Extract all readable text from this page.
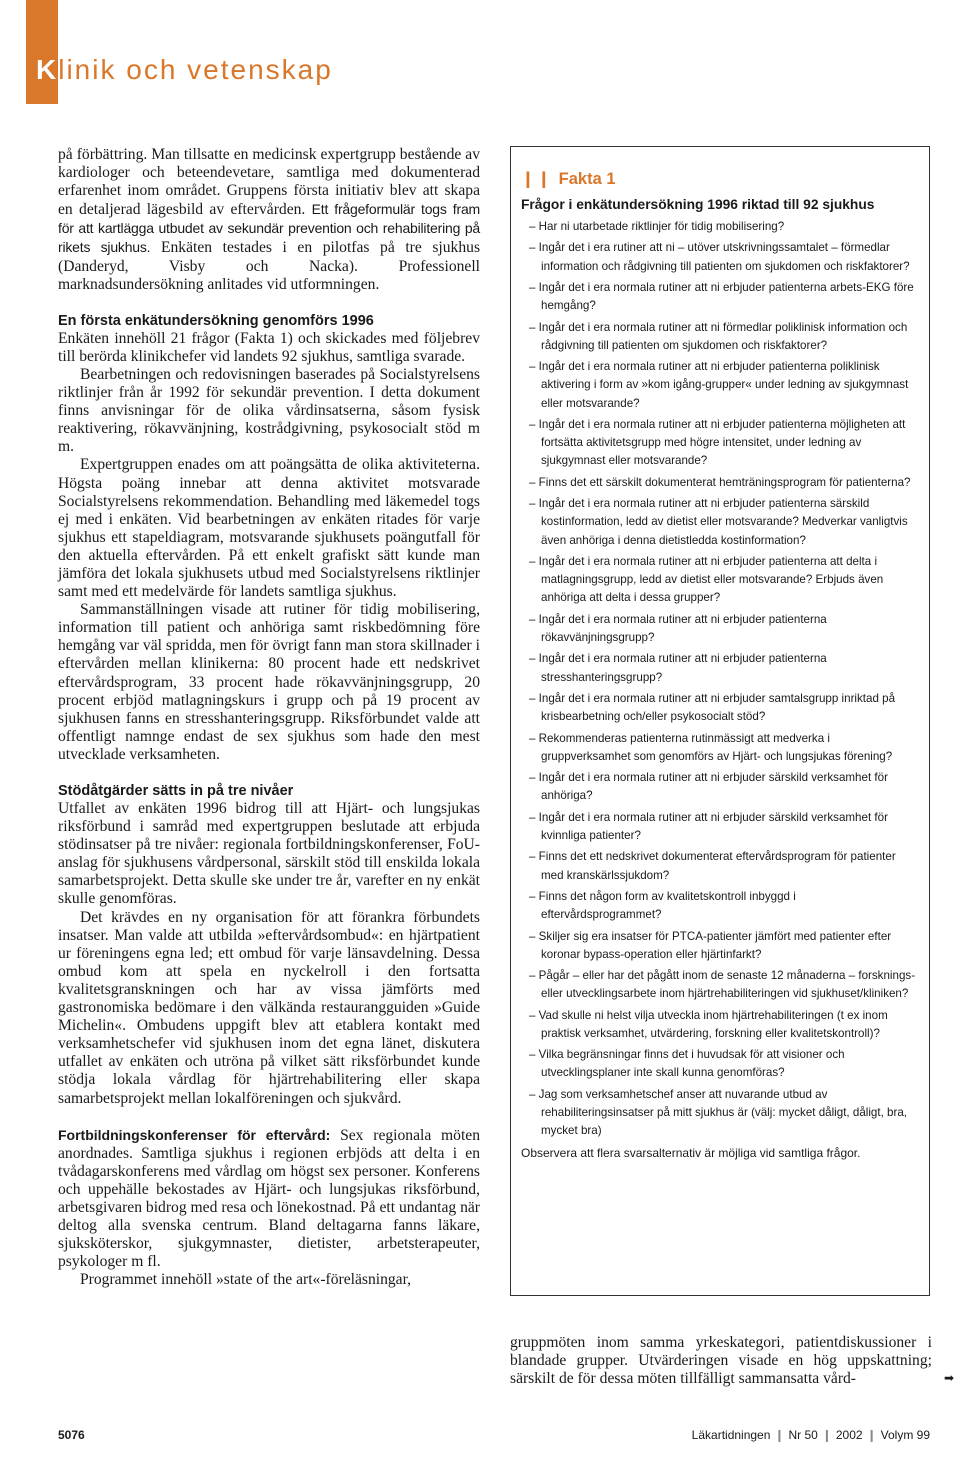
Klinik och vetenskap

på förbättring. Man tillsatte en medicinsk expertgrupp bestående av kardiologer och beteendevetare, samtliga med dokumenterad erfarenhet inom området. Gruppens första initiativ blev att skapa en detaljerad lägesbild av eftervården. Ett frågeformulär togs fram för att kartlägga utbudet av sekundär prevention och rehabilitering på rikets sjukhus. Enkäten testades i en pilotfas på tre sjukhus (Danderyd, Visby och Nacka). Professionell marknadsundersökning anlitades vid utformningen.

En första enkätundersökning genomförs 1996

Enkäten innehöll 21 frågor (Fakta 1) och skickades med följebrev till berörda klinikchefer vid landets 92 sjukhus, samtliga svarade.

Bearbetningen och redovisningen baserades på Socialstyrelsens riktlinjer från år 1992 för sekundär prevention. I detta dokument finns anvisningar för de olika vårdinsatserna, såsom fysisk reaktivering, rökavvänjning, kostrådgivning, psykosocialt stöd m m.

Expertgruppen enades om att poängsätta de olika aktiviteterna. Högsta poäng innebar att denna aktivitet motsvarade Socialstyrelsens rekommendation. Behandling med läkemedel togs ej med i enkäten. Vid bearbetningen av enkäten ritades för varje sjukhus ett stapeldiagram, motsvarande sjukhusets poängutfall för den aktuella eftervården. På ett enkelt grafiskt sätt kunde man jämföra det lokala sjukhusets utbud med Socialstyrelsens riktlinjer samt med ett medelvärde för landets samtliga sjukhus.

Sammanställningen visade att rutiner för tidig mobilisering, information till patient och anhöriga samt riskbedömning före hemgång var väl spridda, men för övrigt fann man stora skillnader i eftervården mellan klinikerna: 80 procent hade ett nedskrivet eftervårdsprogram, 33 procent hade rökavvänjningsgrupp, 20 procent erbjöd matlagningskurs i grupp och på 19 procent av sjukhusen fanns en stresshanteringsgrupp. Riksförbundet valde att offentligt namnge endast de sex sjukhus som hade den mest utvecklade verksamheten.

Stödåtgärder sätts in på tre nivåer

Utfallet av enkäten 1996 bidrog till att Hjärt- och lungsjukas riksförbund i samråd med expertgruppen beslutade att erbjuda stödinsatser på tre nivåer: regionala fortbildningskonferenser, FoU-anslag för sjukhusens vårdpersonal, särskilt stöd till enskilda lokala samarbetsprojekt. Detta skulle ske under tre år, varefter en ny enkät skulle genomföras.

Det krävdes en ny organisation för att förankra förbundets insatser. Man valde att utbilda »eftervårdsombud«: en hjärtpatient ur föreningens egna led; ett ombud för varje länsavdelning. Dessa ombud kom att spela en nyckelroll i den fortsatta kvalitetsgranskningen och har av vissa jämförts med gastronomiska bedömare i den välkända restaurangguiden »Guide Michelin«. Ombudens uppgift blev att etablera kontakt med verksamhetschefer vid sjukhusen inom det egna länet, diskutera utfallet av enkäten och utröna på vilket sätt riksförbundet kunde stödja lokala vårdlag för hjärtrehabilitering eller skapa samarbetsprojekt mellan lokalföreningen och sjukvård.

Fortbildningskonferenser för eftervård: Sex regionala möten anordnades. Samtliga sjukhus i regionen erbjöds att delta i en tvådagarskonferens med vårdlag om högst sex personer. Konferens och uppehälle bekostades av Hjärt- och lungsjukas riksförbund, arbetsgivaren bidrog med resa och lönekostnad. På ett undantag när deltog alla svenska centrum. Bland deltagarna fanns läkare, sjuksköterskor, sjukgymnaster, dietister, arbetsterapeuter, psykologer m fl.

Programmet innehöll »state of the art«-föreläsningar,

❙❙ Fakta 1
Frågor i enkätundersökning 1996 riktad till 92 sjukhus
– Har ni utarbetade riktlinjer för tidig mobilisering?
– Ingår det i era rutiner att ni – utöver utskrivningssamtalet – förmedlar information och rådgivning till patienten om sjukdomen och riskfaktorer?
– Ingår det i era normala rutiner att ni erbjuder patienterna arbets-EKG före hemgång?
– Ingår det i era normala rutiner att ni förmedlar poliklinisk information och rådgivning till patienten om sjukdomen och riskfaktorer?
– Ingår det i era normala rutiner att ni erbjuder patienterna poliklinisk aktivering i form av »kom igång-grupper« under ledning av sjukgymnast eller motsvarande?
– Ingår det i era normala rutiner att ni erbjuder patienterna möjligheten att fortsätta aktivitetsgrupp med högre intensitet, under ledning av sjukgymnast eller motsvarande?
– Finns det ett särskilt dokumenterat hemträningsprogram för patienterna?
– Ingår det i era normala rutiner att ni erbjuder patienterna särskild kostinformation, ledd av dietist eller motsvarande? Medverkar vanligtvis även anhöriga i denna dietistledda kostinformation?
– Ingår det i era normala rutiner att ni erbjuder patienterna att delta i matlagningsgrupp, ledd av dietist eller motsvarande? Erbjuds även anhöriga att delta i dessa grupper?
– Ingår det i era normala rutiner att ni erbjuder patienterna rökavvänjningsgrupp?
– Ingår det i era normala rutiner att ni erbjuder patienterna stresshanteringsgrupp?
– Ingår det i era normala rutiner att ni erbjuder samtalsgrupp inriktad på krisbearbetning och/eller psykosocialt stöd?
– Rekommenderas patienterna rutinmässigt att medverka i gruppverksamhet som genomförs av Hjärt- och lungsjukas förening?
– Ingår det i era normala rutiner att ni erbjuder särskild verksamhet för anhöriga?
– Ingår det i era normala rutiner att ni erbjuder särskild verksamhet för kvinnliga patienter?
– Finns det ett nedskrivet dokumenterat eftervårdsprogram för patienter med kranskärlssjukdom?
– Finns det någon form av kvalitetskontroll inbyggd i eftervårdsprogrammet?
– Skiljer sig era insatser för PTCA-patienter jämfört med patienter efter koronar bypass-operation eller hjärtinfarkt?
– Pågår – eller har det pågått inom de senaste 12 månaderna – forsknings- eller utvecklingsarbete inom hjärtrehabiliteringen vid sjukhuset/kliniken?
– Vad skulle ni helst vilja utveckla inom hjärtrehabiliteringen (t ex inom praktisk verksamhet, utvärdering, forskning eller kvalitetskontroll)?
– Vilka begränsningar finns det i huvudsak för att visioner och utvecklingsplaner inte skall kunna genomföras?
– Jag som verksamhetschef anser att nuvarande utbud av rehabiliteringsinsatser på mitt sjukhus är (välj: mycket dåligt, dåligt, bra, mycket bra)
Observera att flera svarsalternativ är möjliga vid samtliga frågor.
gruppmöten inom samma yrkeskategori, patientdiskussioner i blandade grupper. Utvärderingen visade en hög uppskattning; särskilt de för dessa möten tillfälligt sammansatta vård-	➡
5076	Läkartidningen ❙ Nr 50 ❙ 2002 ❙ Volym 99
